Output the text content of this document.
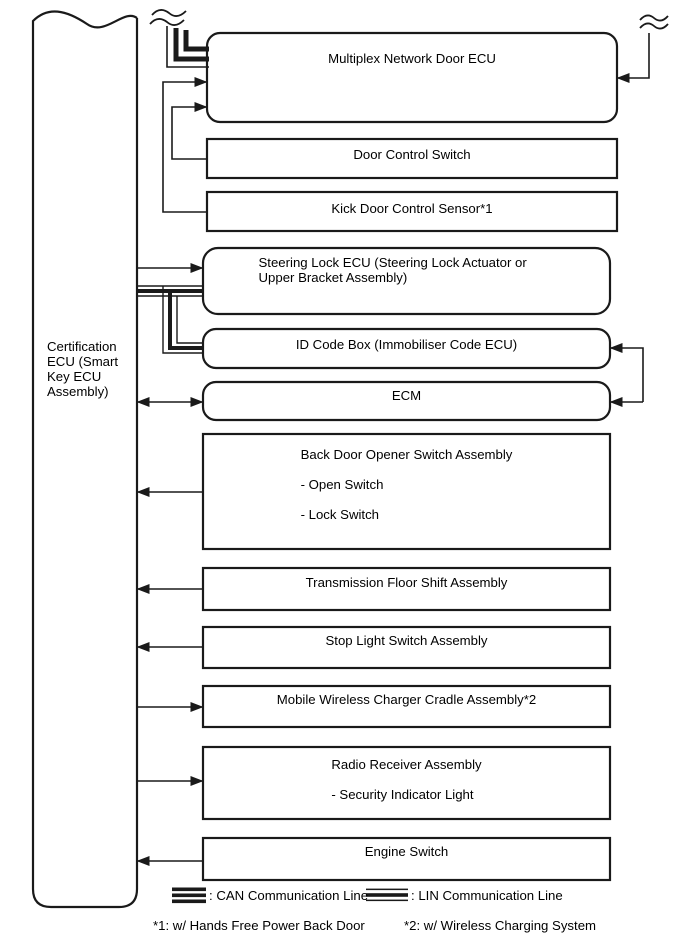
Certification ECU (Smart Key ECU Assembly)
Multiplex Network Door ECU
Door Control Switch
Kick Door Control Sensor*1
Steering Lock ECU (Steering Lock Actuator or Upper Bracket Assembly)
ID Code Box (Immobiliser Code ECU)
ECM
Back Door Opener Switch Assembly
- Open Switch
- Lock Switch
Transmission Floor Shift Assembly
Stop Light Switch Assembly
Mobile Wireless Charger Cradle Assembly*2
Radio Receiver Assembly
- Security Indicator Light
Engine Switch
: CAN Communication Line	: LIN Communication Line
*1: w/ Hands Free Power Back Door	*2: w/ Wireless Charging System
